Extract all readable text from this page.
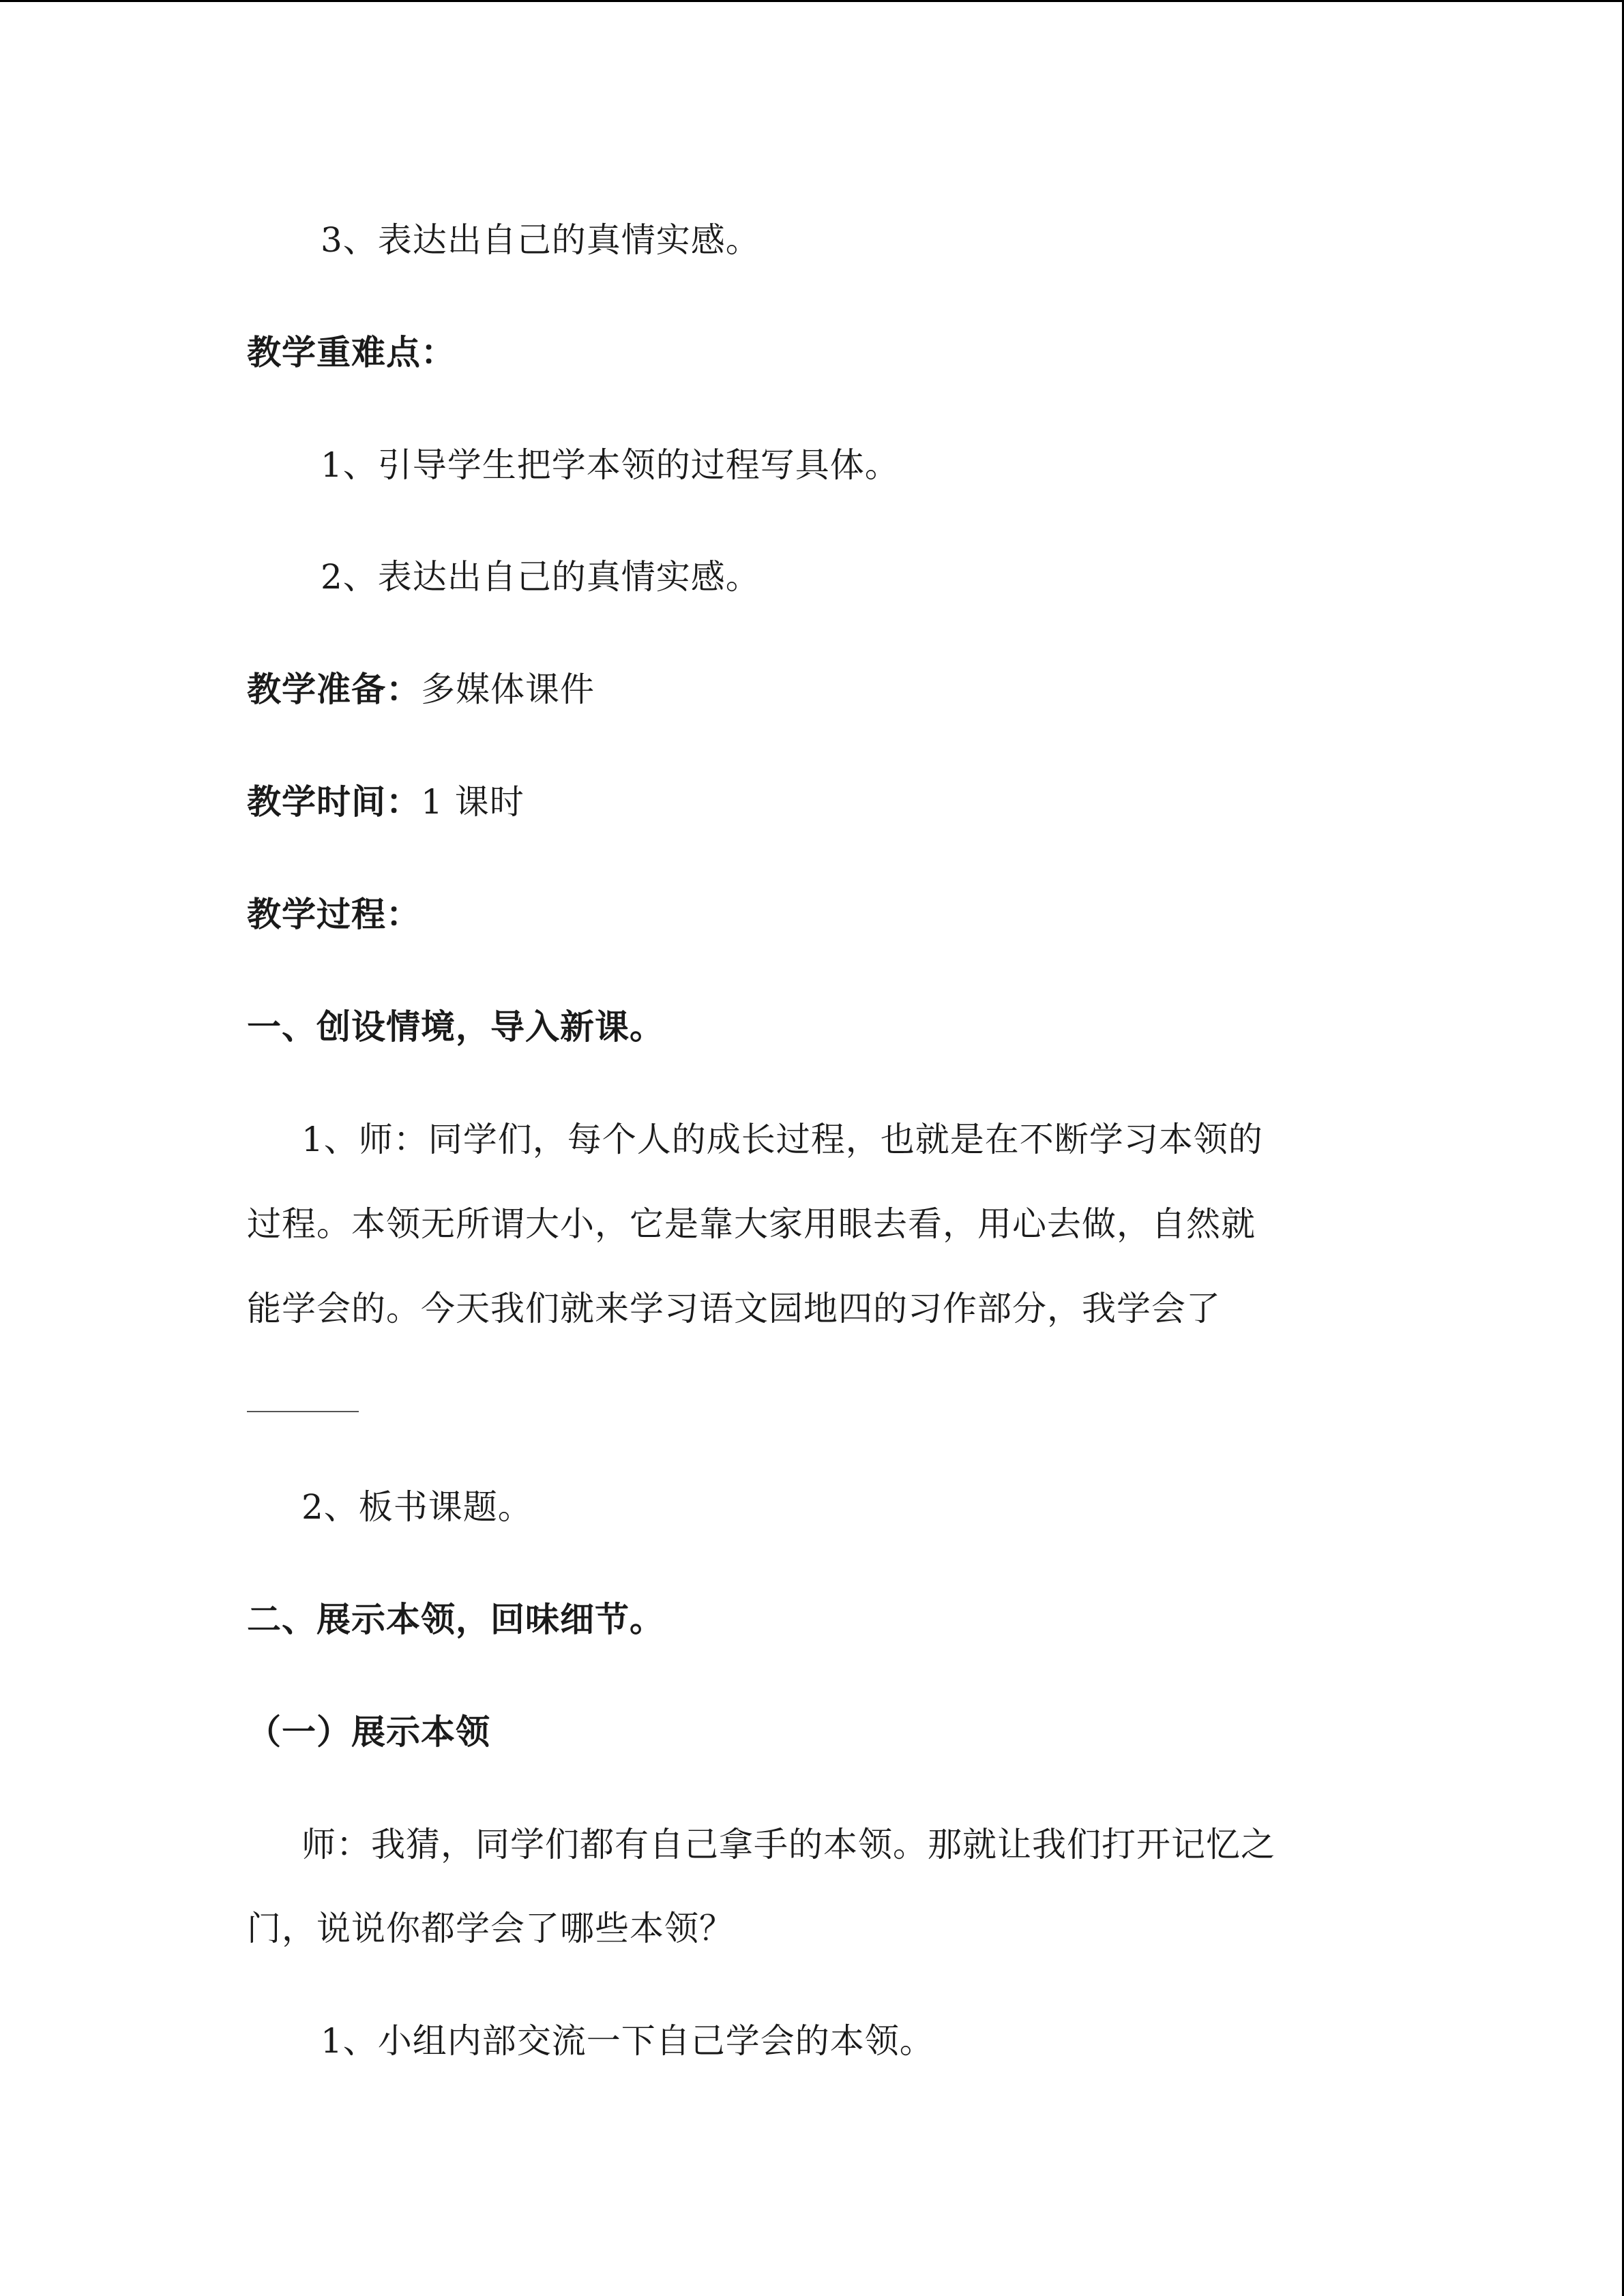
3、表达出自己的真情实感。
教学重难点：
1、引导学生把学本领的过程写具体。
2、表达出自己的真情实感。
教学准备：多媒体课件
教学时间：1 课时
教学过程：
一、创设情境，导入新课。
1、师：同学们，每个人的成长过程，也就是在不断学习本领的
过程。本领无所谓大小，它是靠大家用眼去看，用心去做，自然就
能学会的。今天我们就来学习语文园地四的习作部分，我学会了
2、板书课题。
二、展示本领，回味细节。
（一）展示本领
师：我猜，同学们都有自己拿手的本领。那就让我们打开记忆之
门，说说你都学会了哪些本领？
1、小组内部交流一下自己学会的本领。
